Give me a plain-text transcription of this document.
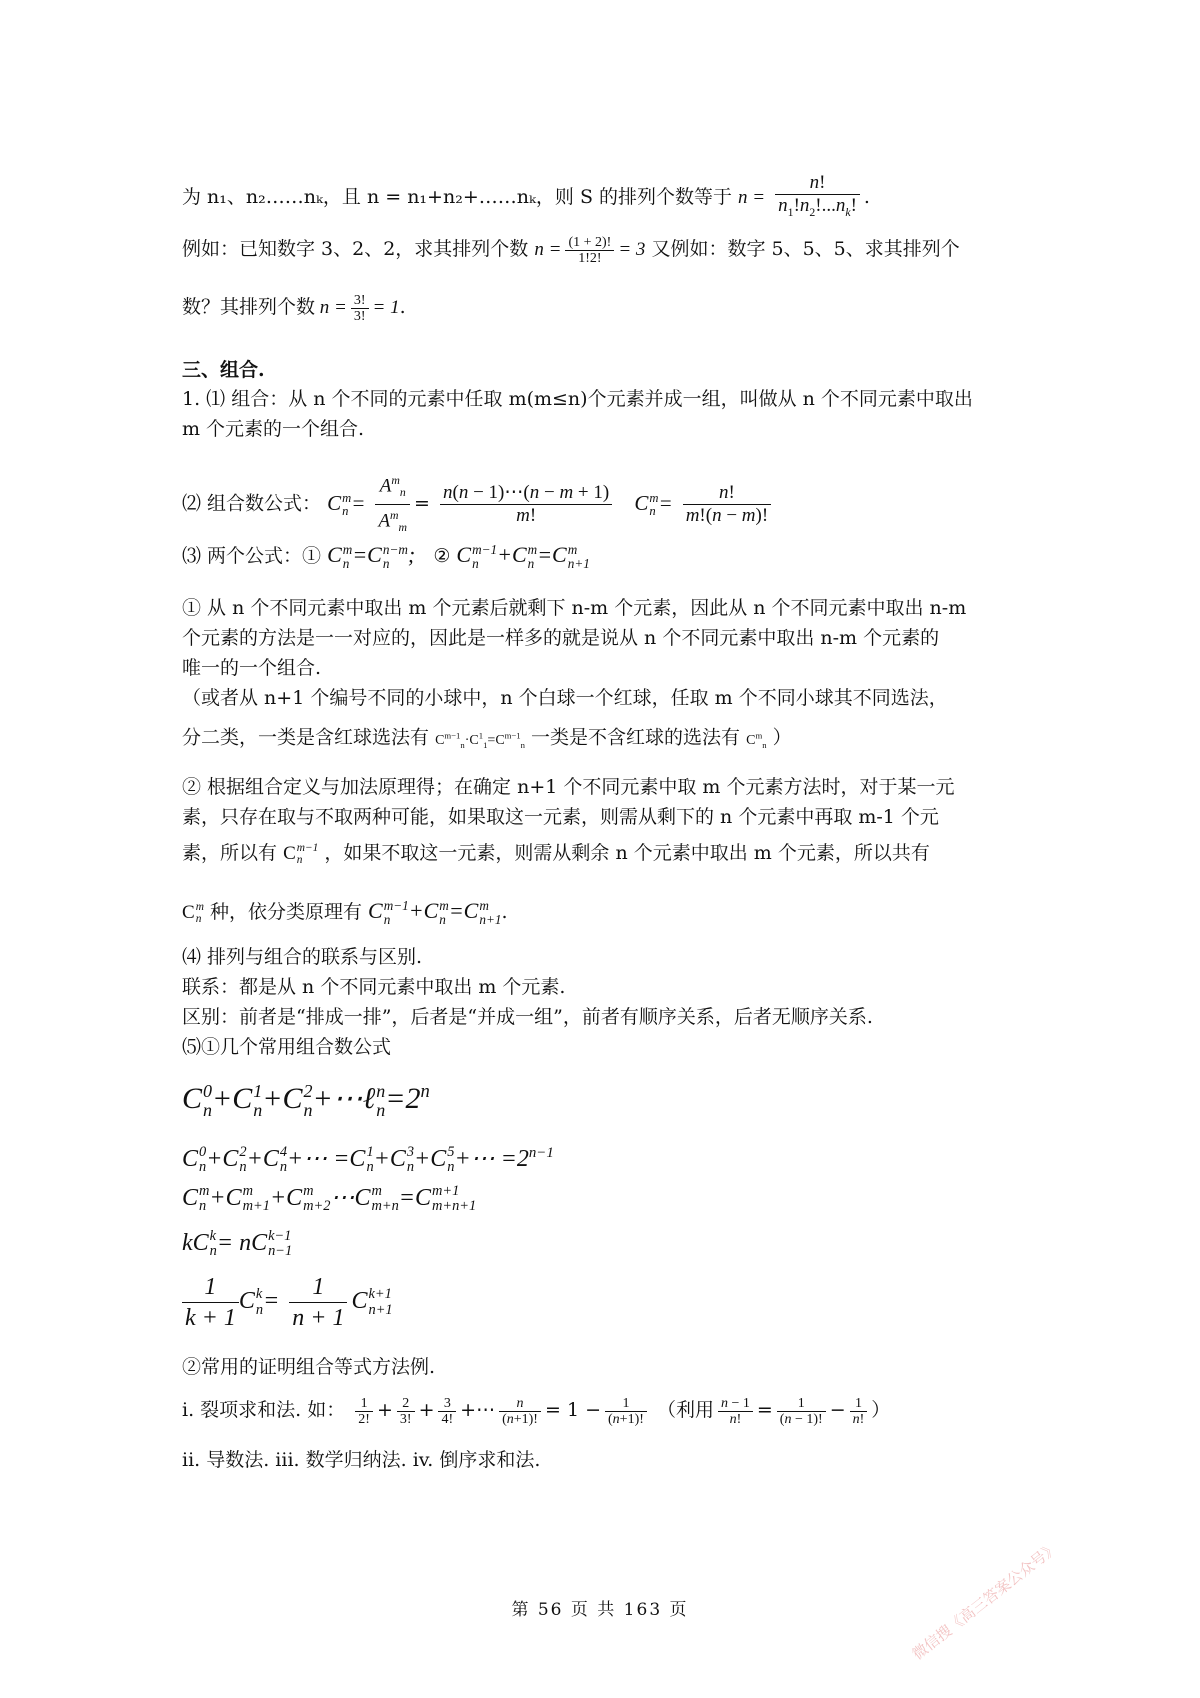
为 n₁、n₂……nₖ，且 n = n₁+n₂+……nₖ，则 S 的排列个数等于 $n = \frac{n!}{n_1!n_2!...n_k!}$ .
例如：已知数字 3、2、2，求其排列个数 $n = \frac{(1 + 2)!}{1!2!} = 3$ 又例如：数字 5、5、5、求其排列个
数？其排列个数 $n = \frac{3!}{3!} = 1$.
三、组合.
1. ⑴ 组合：从 n 个不同的元素中任取 m(m≤n)个元素并成一组，叫做从 n 个不同元素中取出
m 个元素的一个组合.
⑵ 组合数公式： C m
$n = \frac{A^m_n}{A^m_m} = \frac{n(n - 1)\cdots(n - m + 1)}{m!}$ C m
$n = \frac{n!}{m!(n - m)!}$
⑶ 两个公式：① C m
n =C n−m
n ; ② C m−1
n +C m
n =C m
n+1
① 从 n 个不同元素中取出 m 个元素后就剩下 n-m 个元素，因此从 n 个不同元素中取出 n-m
个元素的方法是一一对应的，因此是一样多的就是说从 n 个不同元素中取出 n-m 个元素的
唯一的一个组合.
（或者从 n+1 个编号不同的小球中，n 个白球一个红球，任取 m 个不同小球其不同选法，
分二类，一类是含红球选法有 $C^{m-1}_n\cdot C^1_1=C^{m-1}_n$ 一类是不含红球的选法有 $C^m_n$ ）
② 根据组合定义与加法原理得；在确定 n+1 个不同元素中取 m 个元素方法时，对于某一元
素，只存在取与不取两种可能，如果取这一元素，则需从剩下的 n 个元素中再取 m-1 个元
素，所以有 C m−1
n	，如果不取这一元素，则需从剩余 n 个元素中取出 m 个元素，所以共有
C m
n 种，依分类原理有 C m−1
n +C m
n =C m
n+1 .
⑷ 排列与组合的联系与区别.
联系：都是从 n 个不同元素中取出 m 个元素.
区别：前者是“排成一排”，后者是“并成一组”，前者有顺序关系，后者无顺序关系.
⑸①几个常用组合数公式
C 0
n +C 1
n +C 2
n +⋯ℓ n
$n =2^n$
C 0
n +C 2
n +C 4
n +⋯ =C 1
n +C 3
n +C 5
n +⋯ $=2^{n-1}$
C m
n +C m
m+1 +C m
m+2 ⋯C m
m+n =C m+1
m+n+1
kC k
n = nC k−1
n−1
$\frac{1}{k + 1}$ C k
$n = \frac{1}{n + 1}$ C k+1
n+1
②常用的证明组合等式方法例.
i. 裂项求和法. 如： $\frac{1}{2!} + \frac{2}{3!} + \frac{3}{4!}$ +⋯ $\frac{n}{(n+1)!} = 1 - \frac{1}{(n+1)!}$ （利用 $\frac{n - 1}{n!} = \frac{1}{(n - 1)!} - \frac{1}{n!}$ ）
ii. 导数法. iii. 数学归纳法. iv. 倒序求和法.
第 56 页 共 163 页	微信搜《高三答案公众号》
